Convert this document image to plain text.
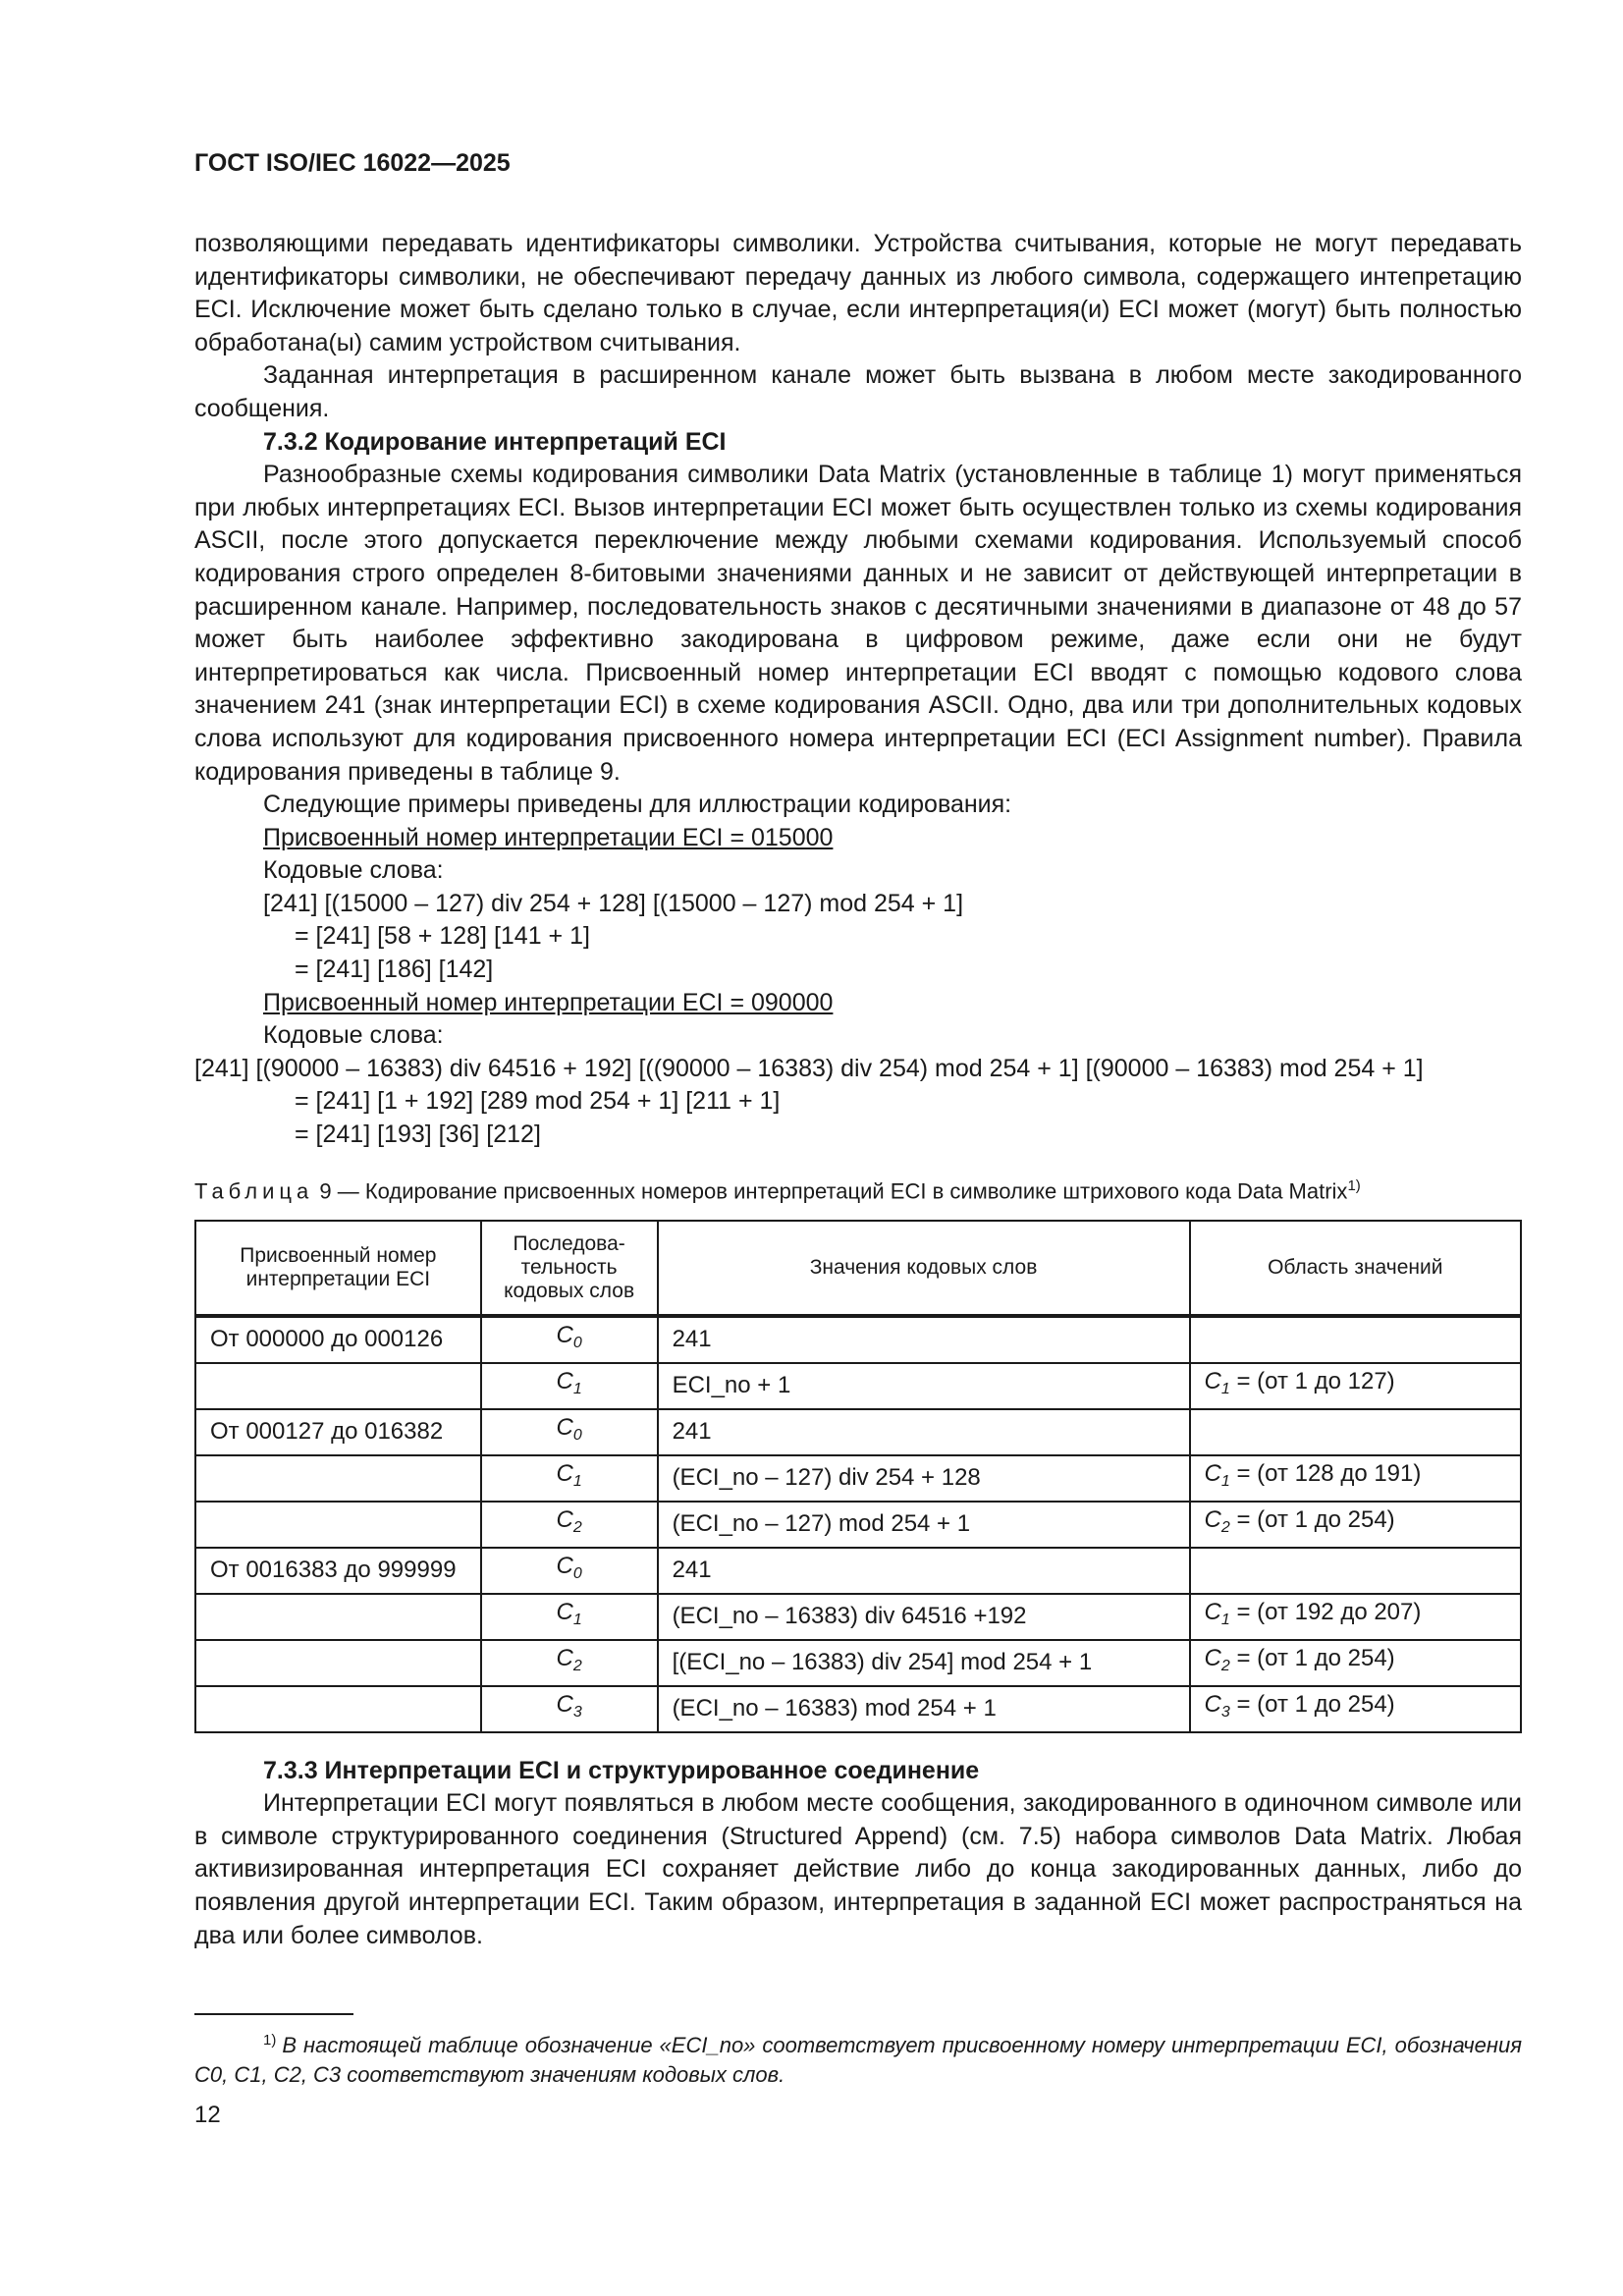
ГОСТ ISO/IEC 16022—2025

позволяющими передавать идентификаторы символики. Устройства считывания, которые не могут передавать идентификаторы символики, не обеспечивают передачу данных из любого символа, содержащего интепретацию ECI. Исключение может быть сделано только в случае, если интерпретация(и) ECI может (могут) быть полностью обработана(ы) самим устройством считывания.

Заданная интерпретация в расширенном канале может быть вызвана в любом месте закодированного сообщения.

7.3.2 Кодирование интерпретаций ECI

Разнообразные схемы кодирования символики Data Matrix (установленные в таблице 1) могут применяться при любых интерпретациях ECI. Вызов интерпретации ECI может быть осуществлен только из схемы кодирования ASCII, после этого допускается переключение между любыми схемами кодирования. Используемый способ кодирования строго определен 8-битовыми значениями данных и не зависит от действующей интерпретации в расширенном канале. Например, последовательность знаков с десятичными значениями в диапазоне от 48 до 57 может быть наиболее эффективно закодирована в цифровом режиме, даже если они не будут интерпретироваться как числа. Присвоенный номер интерпретации ECI вводят с помощью кодового слова значением 241 (знак интерпретации ECI) в схеме кодирования ASCII. Одно, два или три дополнительных кодовых слова используют для кодирования присвоенного номера интерпретации ECI (ECI Assignment number). Правила кодирования приведены в таблице 9.

Следующие примеры приведены для иллюстрации кодирования:

Присвоенный номер интерпретации ECI = 015000

Кодовые слова:

[241] [(15000 – 127) div 254 + 128] [(15000 – 127) mod 254 + 1]

= [241] [58 + 128] [141 + 1]

= [241] [186] [142]

Присвоенный номер интерпретации ECI = 090000

Кодовые слова:

[241] [(90000 – 16383) div 64516 + 192] [((90000 – 16383) div 254) mod 254 + 1] [(90000 – 16383) mod 254 + 1]

= [241] [1 + 192] [289 mod 254 + 1] [211 + 1]

= [241] [193] [36] [212]

Таблица 9 — Кодирование присвоенных номеров интерпретаций ECI в символике штрихового кода Data Matrix$^{1)}$

Присвоенный номер интерпретации ECI	Последова-тельность кодовых слов	Значения кодовых слов	Область значений
От 000000 до 000126	$C_0$	241	
	$C_1$	ECI_no + 1	$C_1 = (от$ 1 до 127)
От 000127 до 016382	$C_0$	241	
	$C_1$	(ECI_no – 127) div 254 + 128	$C_1 = (от$ 128 до 191)
	$C_2$	(ECI_no – 127) mod 254 + 1	$C_2 = (от$ 1 до 254)
От 0016383 до 999999	$C_0$	241	
	$C_1$	(ECI_no – 16383) div 64516 +192	$C_1 = (от$ 192 до 207)
	$C_2$	[(ECI_no – 16383) div 254] mod 254 + 1	$C_2 = (от$ 1 до 254)
	$C_3$	(ECI_no – 16383) mod 254 + 1	$C_3 = (от$ 1 до 254)

7.3.3 Интерпретации ECI и структурированное соединение

Интерпретации ECI могут появляться в любом месте сообщения, закодированного в одиночном символе или в символе структурированного соединения (Structured Append) (см. 7.5) набора символов Data Matrix. Любая активизированная интерпретация ECI сохраняет действие либо до конца закодированных данных, либо до появления другой интерпретации ECI. Таким образом, интерпретация в заданной ECI может распространяться на два или более символов.

$^{1)}$ В настоящей таблице обозначение «ECI_no» соответствует присвоенному номеру интерпретации ECI, обозначения C0, C1, C2, C3 соответствуют значениям кодовых слов.
12
